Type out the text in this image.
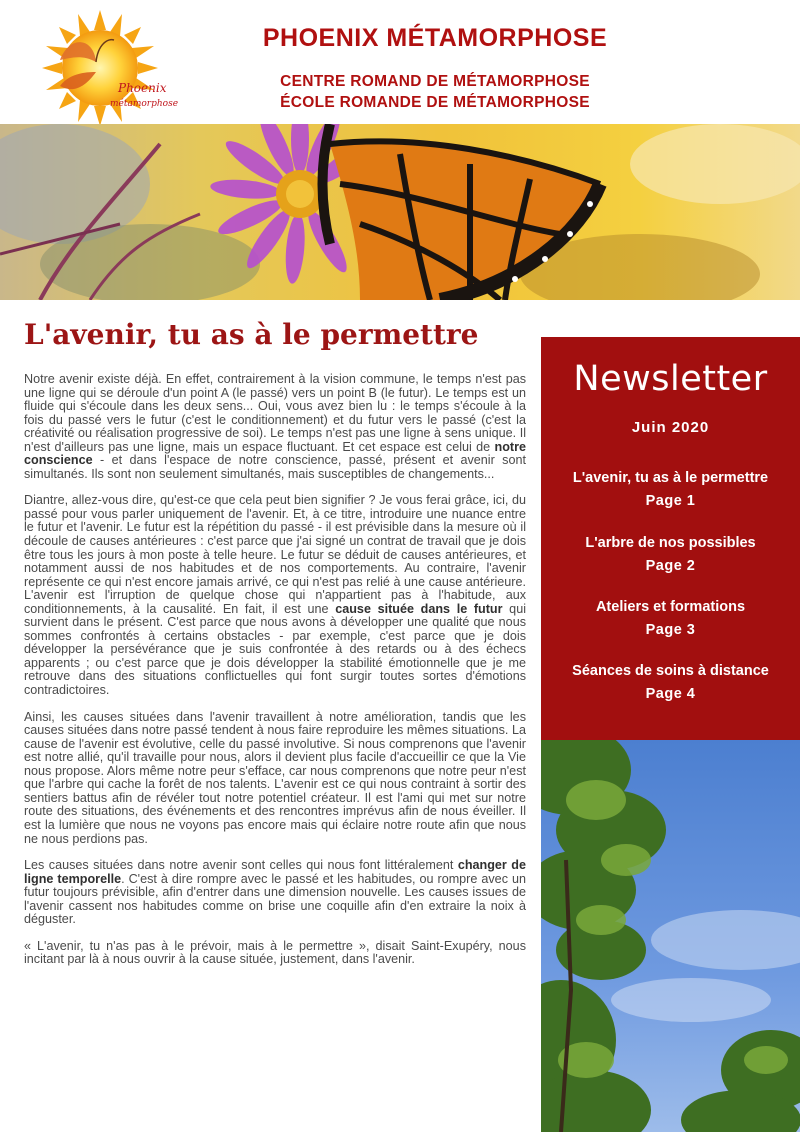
Phoenix
métamorphose
PHOENIX MÉTAMORPHOSE
CENTRE ROMAND DE MÉTAMORPHOSE
ÉCOLE ROMANDE DE MÉTAMORPHOSE
L'avenir, tu as à le permettre

Notre avenir existe déjà. En effet, contrairement à la vision commune, le temps n'est pas une ligne qui se déroule d'un point A (le passé) vers un point B (le futur). Le temps est un fluide qui s'écoule dans les deux sens... Oui, vous avez bien lu : le temps s'écoule à la fois du passé vers le futur (c'est le conditionnement) et du futur vers le passé (c'est la créativité ou réalisation progressive de soi). Le temps n'est pas une ligne à sens unique. Il n'est d'ailleurs pas une ligne, mais un espace fluctuant. Et cet espace est celui de notre conscience - et dans l'espace de notre conscience, passé, présent et avenir sont simultanés. Ils sont non seulement simultanés, mais susceptibles de changements...

Diantre, allez-vous dire, qu'est-ce que cela peut bien signifier ? Je vous ferai grâce, ici, du passé pour vous parler uniquement de l'avenir. Et, à ce titre, introduire une nuance entre le futur et l'avenir. Le futur est la répétition du passé - il est prévisible dans la mesure où il découle de causes antérieures : c'est parce que j'ai signé un contrat de travail que je dois être tous les jours à mon poste à telle heure. Le futur se déduit de causes antérieures, et notamment aussi de nos habitudes et de nos comportements. Au contraire, l'avenir représente ce qui n'est encore jamais arrivé, ce qui n'est pas relié à une cause antérieure. L'avenir est l'irruption de quelque chose qui n'appartient pas à l'habitude, aux conditionnements, à la causalité. En fait, il est une cause située dans le futur qui survient dans le présent. C'est parce que nous avons à développer une qualité que nous sommes confrontés à certains obstacles - par exemple, c'est parce que je dois développer la persévérance que je suis confrontée à des retards ou à des échecs apparents ; ou c'est parce que je dois développer la stabilité émotionnelle que je me retrouve dans des situations conflictuelles qui font surgir toutes sortes d'émotions contradictoires.

Ainsi, les causes situées dans l'avenir travaillent à notre amélioration, tandis que les causes situées dans notre passé tendent à nous faire reproduire les mêmes situations. La cause de l'avenir est évolutive, celle du passé involutive. Si nous comprenons que l'avenir est notre allié, qu'il travaille pour nous, alors il devient plus facile d'accueillir ce que la Vie nous propose. Alors même notre peur s'efface, car nous comprenons que notre peur n'est que l'arbre qui cache la forêt de nos talents. L'avenir est ce qui nous contraint à sortir des sentiers battus afin de révéler tout notre potentiel créateur. Il est l'ami qui met sur notre route des situations, des événements et des rencontres imprévus afin de nous éveiller. Il est la lumière que nous ne voyons pas encore mais qui éclaire notre route afin que nous ne nous perdions pas.

Les causes situées dans notre avenir sont celles qui nous font littéralement changer de ligne temporelle. C'est à dire rompre avec le passé et les habitudes, ou rompre avec un futur toujours prévisible, afin d'entrer dans une dimension nouvelle. Les causes issues de l'avenir cassent nos habitudes comme on brise une coquille afin d'en extraire la noix à déguster.

« L'avenir, tu n'as pas à le prévoir, mais à le permettre », disait Saint-Exupéry, nous incitant par là à nous ouvrir à la cause située, justement, dans l'avenir.

Newsletter
Juin 2020
L'avenir, tu as à le permettre
Page 1
L'arbre de nos possibles
Page 2
Ateliers et formations
Page 3
Séances de soins à distance
Page 4
